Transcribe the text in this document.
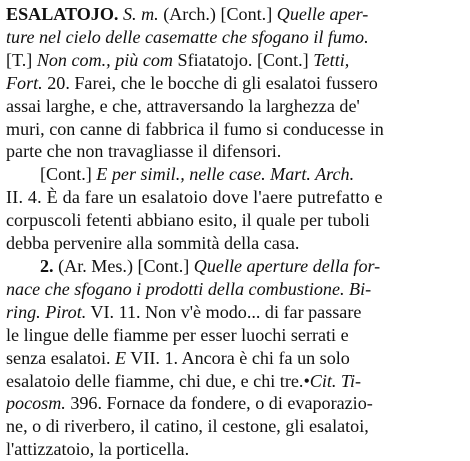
ESALATOJO. S. m. (Arch.) [Cont.] Quelle aper-
ture nel cielo delle casematte che sfogano il fumo.
[T.] Non com., più com Sfiatatojo. [Cont.] Tetti,
Fort. 20. Farei, che le bocche di gli esalatoi fussero
assai larghe, e che, attraversando la larghezza de'
muri, con canne di fabbrica il fumo si conducesse in
parte che non travagliasse il difensori.
[Cont.] E per simil., nelle case. Mart. Arch.
II. 4. È da fare un esalatoio dove l'aere putrefatto e
corpuscoli fetenti abbiano esito, il quale per tuboli
debba pervenire alla sommità della casa.
2. (Ar. Mes.) [Cont.] Quelle aperture della for-
nace che sfogano i prodotti della combustione. Bi-
ring. Pirot. VI. 11. Non v'è modo... di far passare
le lingue delle fiamme per esser luochi serrati e
senza esalatoi. E VII. 1. Ancora è chi fa un solo
esalatoio delle fiamme, chi due, e chi tre.•Cit. Ti-
pocosm. 396. Fornace da fondere, o di evaporazio-
ne, o di riverbero, il catino, il cestone, gli esalatoi,
l'attizzatoio, la porticella.
